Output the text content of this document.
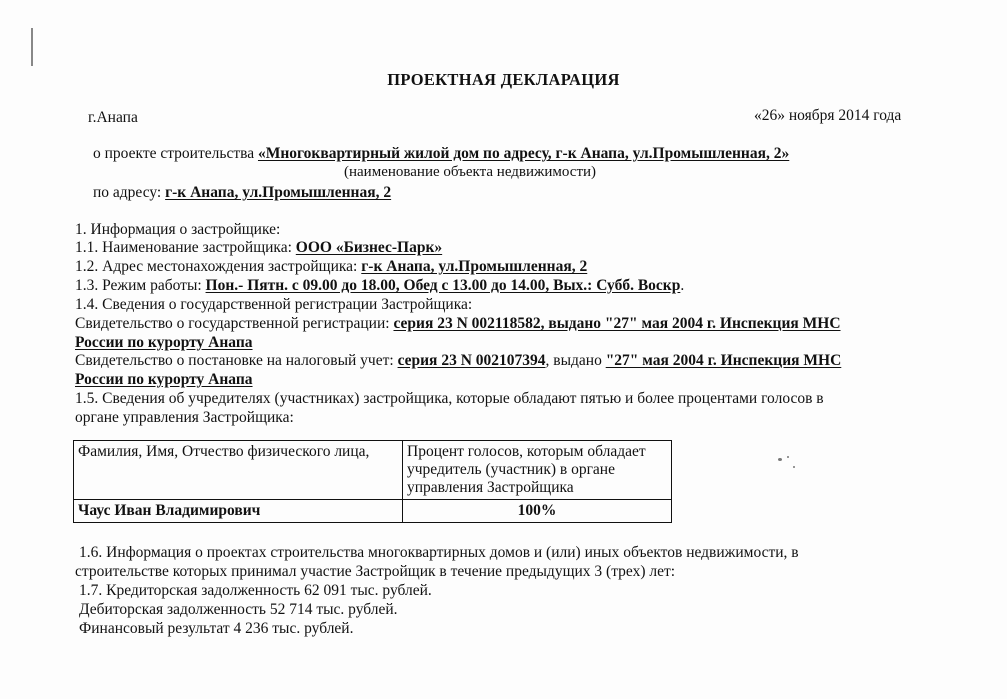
ПРОЕКТНАЯ ДЕКЛАРАЦИЯ
г.Анапа	«26» ноября 2014 года
о проекте строительства «Многоквартирный жилой дом по адресу, г-к Анапа, ул.Промышленная, 2»
(наименование объекта недвижимости)
по адресу: г-к Анапа, ул.Промышленная, 2
1. Информация о застройщике:
1.1. Наименование застройщика: ООО «Бизнес-Парк»
1.2. Адрес местонахождения застройщика: г-к Анапа, ул.Промышленная, 2
1.3. Режим работы: Пон.- Пятн. с 09.00 до 18.00, Обед с 13.00 до 14.00, Вых.: Субб. Воскр.
1.4. Сведения о государственной регистрации Застройщика:
Свидетельство о государственной регистрации: серия 23 N 002118582, выдано "27" мая 2004 г. Инспекция МНС
России по курорту Анапа
Свидетельство о постановке на налоговый учет: серия 23 N 002107394, выдано "27" мая 2004 г. Инспекция МНС
России по курорту Анапа
1.5. Сведения об учредителях (участниках) застройщика, которые обладают пятью и более процентами голосов в
органе управления Застройщика:
Фамилия, Имя, Отчество физического лица,	Процент голосов, которым обладает учредитель (участник) в органе управления Застройщика
Чаус Иван Владимирович	100%
1.6. Информация о проектах строительства многоквартирных домов и (или) иных объектов недвижимости, в
строительстве которых принимал участие Застройщик в течение предыдущих 3 (трех) лет:
1.7. Кредиторская задолженность 62 091 тыс. рублей.
Дебиторская задолженность 52 714 тыс. рублей.
Финансовый результат 4 236 тыс. рублей.
